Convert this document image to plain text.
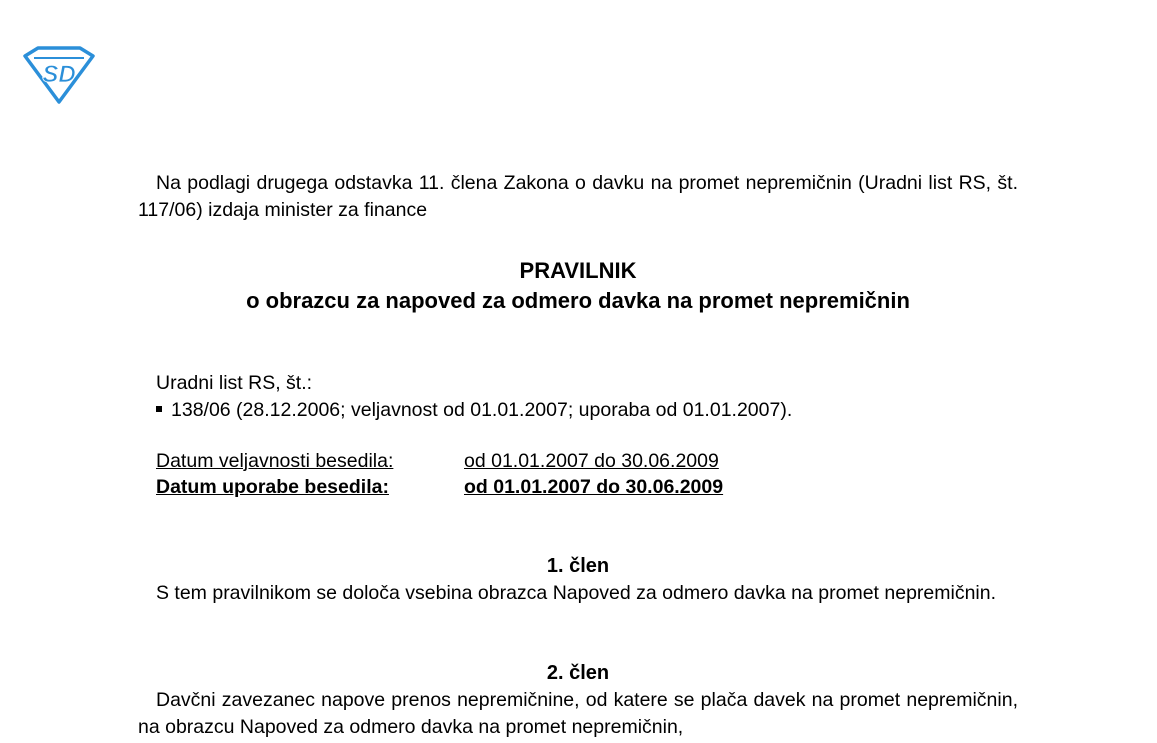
SD

Na podlagi drugega odstavka 11. člena Zakona o davku na promet nepremičnin (Uradni list RS, št. 117/06) izdaja minister za finance

PRAVILNIK
o obrazcu za napoved za odmero davka na promet nepremičnin
Uradni list RS, št.:
138/06 (28.12.2006; veljavnost od 01.01.2007; uporaba od 01.01.2007).
Datum veljavnosti besedila:	od 01.01.2007 do 30.06.2009
Datum uporabe besedila:	od 01.01.2007 do 30.06.2009
1. člen

S tem pravilnikom se določa vsebina obrazca Napoved za odmero davka na promet nepremičnin.

2. člen

Davčni zavezanec napove prenos nepremičnine, od katere se plača davek na promet nepremičnin, na obrazcu Napoved za odmero davka na promet nepremičnin,
